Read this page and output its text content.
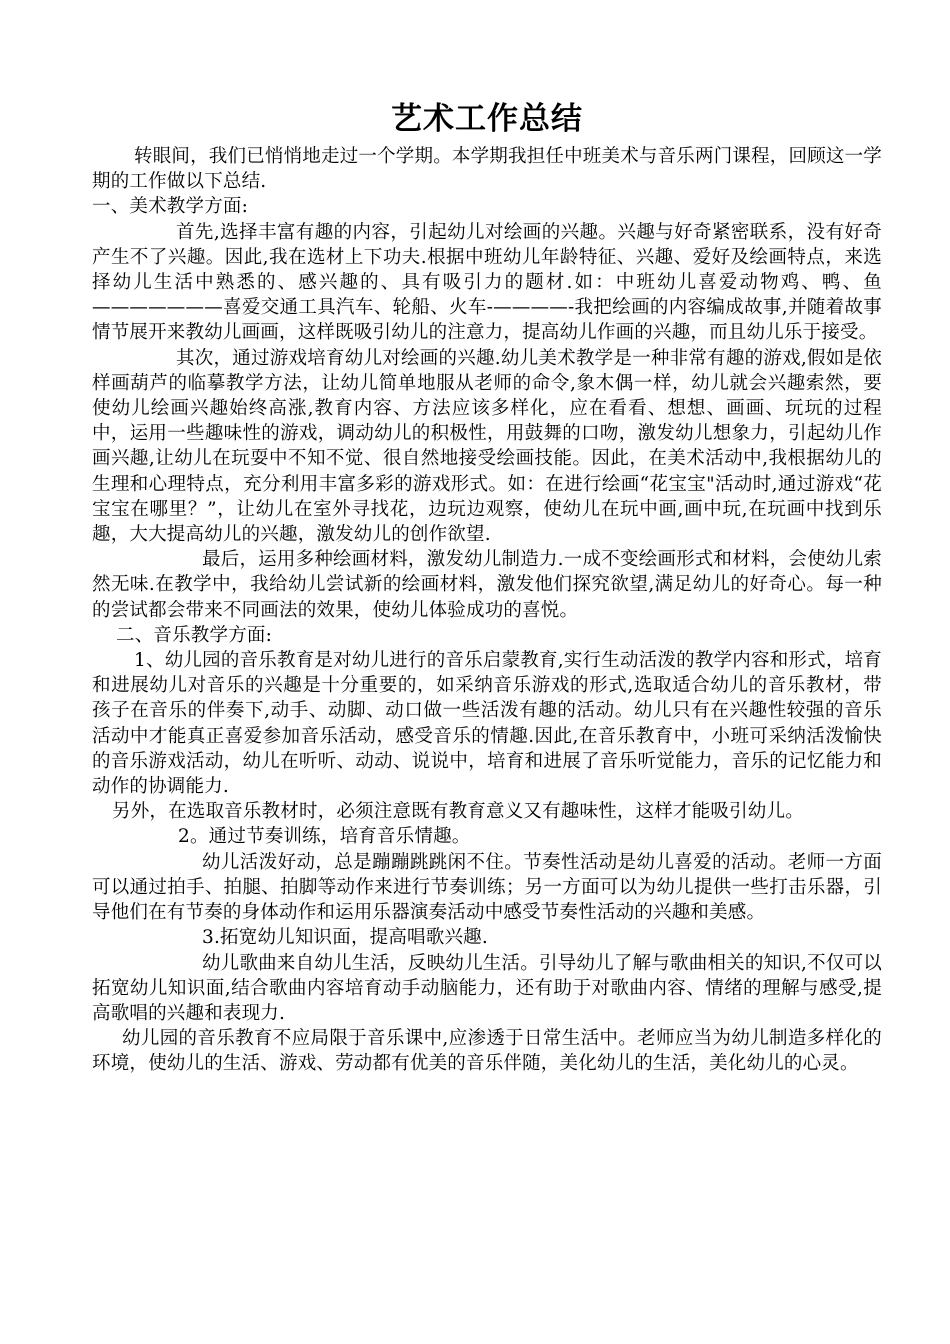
艺术工作总结

转眼间，我们已悄悄地走过一个学期。本学期我担任中班美术与音乐两门课程，回顾这一学期的工作做以下总结.

一、美术教学方面:

首先,选择丰富有趣的内容，引起幼儿对绘画的兴趣。兴趣与好奇紧密联系，没有好奇产生不了兴趣。因此,我在选材上下功夫.根据中班幼儿年龄特征、兴趣、爱好及绘画特点，来选择幼儿生活中熟悉的、感兴趣的、具有吸引力的题材.如：中班幼儿喜爱动物鸡、鸭、鱼———————喜爱交通工具汽车、轮船、火车-————-我把绘画的内容编成故事,并随着故事情节展开来教幼儿画画，这样既吸引幼儿的注意力，提高幼儿作画的兴趣，而且幼儿乐于接受。

其次，通过游戏培育幼儿对绘画的兴趣.幼儿美术教学是一种非常有趣的游戏,假如是依样画葫芦的临摹教学方法，让幼儿简单地服从老师的命令,象木偶一样，幼儿就会兴趣索然，要使幼儿绘画兴趣始终高涨,教育内容、方法应该多样化，应在看看、想想、画画、玩玩的过程中，运用一些趣味性的游戏，调动幼儿的积极性，用鼓舞的口吻，激发幼儿想象力，引起幼儿作画兴趣,让幼儿在玩耍中不知不觉、很自然地接受绘画技能。因此，在美术活动中,我根据幼儿的生理和心理特点，充分利用丰富多彩的游戏形式。如：在进行绘画“花宝宝"活动时,通过游戏“花宝宝在哪里？”，让幼儿在室外寻找花，边玩边观察，使幼儿在玩中画,画中玩,在玩画中找到乐趣，大大提高幼儿的兴趣，激发幼儿的创作欲望.

最后，运用多种绘画材料，激发幼儿制造力.一成不变绘画形式和材料，会使幼儿索然无味.在教学中，我给幼儿尝试新的绘画材料，激发他们探究欲望,满足幼儿的好奇心。每一种的尝试都会带来不同画法的效果，使幼儿体验成功的喜悦。

二、音乐教学方面:

1、幼儿园的音乐教育是对幼儿进行的音乐启蒙教育,实行生动活泼的教学内容和形式，培育和进展幼儿对音乐的兴趣是十分重要的，如采纳音乐游戏的形式,选取适合幼儿的音乐教材，带孩子在音乐的伴奏下,动手、动脚、动口做一些活泼有趣的活动。幼儿只有在兴趣性较强的音乐活动中才能真正喜爱参加音乐活动，感受音乐的情趣.因此,在音乐教育中，小班可采纳活泼愉快的音乐游戏活动，幼儿在听听、动动、说说中，培育和进展了音乐听觉能力，音乐的记忆能力和动作的协调能力.

另外，在选取音乐教材时，必须注意既有教育意义又有趣味性，这样才能吸引幼儿。

2。通过节奏训练，培育音乐情趣。

幼儿活泼好动，总是蹦蹦跳跳闲不住。节奏性活动是幼儿喜爱的活动。老师一方面可以通过拍手、拍腿、拍脚等动作来进行节奏训练；另一方面可以为幼儿提供一些打击乐器，引导他们在有节奏的身体动作和运用乐器演奏活动中感受节奏性活动的兴趣和美感。

3.拓宽幼儿知识面，提高唱歌兴趣.

幼儿歌曲来自幼儿生活，反映幼儿生活。引导幼儿了解与歌曲相关的知识,不仅可以拓宽幼儿知识面,结合歌曲内容培育动手动脑能力，还有助于对歌曲内容、情绪的理解与感受,提高歌唱的兴趣和表现力.

幼儿园的音乐教育不应局限于音乐课中,应渗透于日常生活中。老师应当为幼儿制造多样化的环境，使幼儿的生活、游戏、劳动都有优美的音乐伴随，美化幼儿的生活，美化幼儿的心灵。
